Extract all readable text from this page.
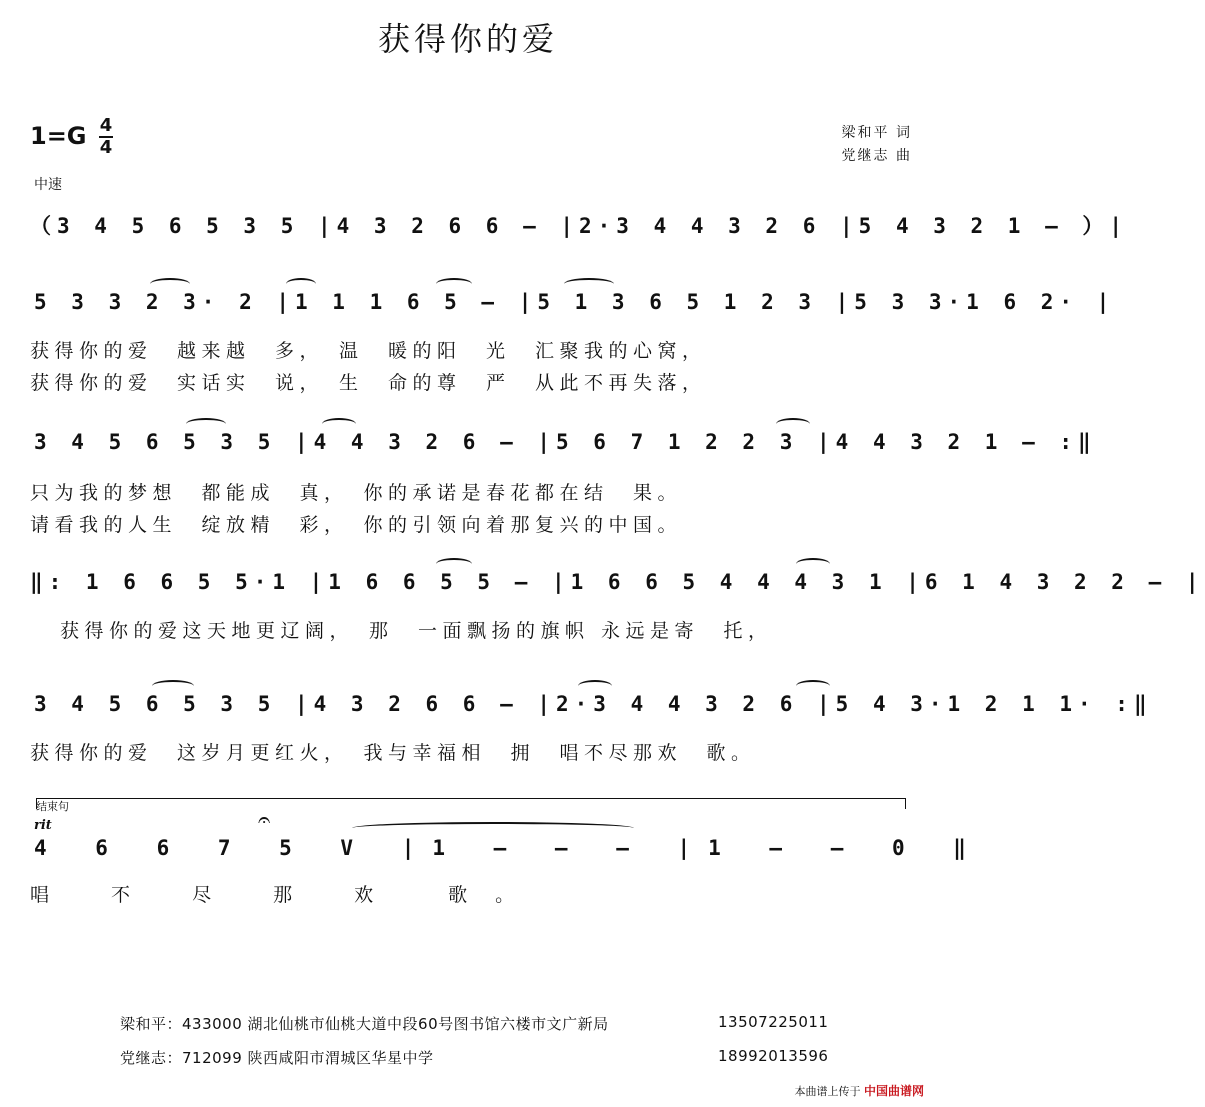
获得你的爱
1=G 4
4
梁和平 词
党继志 曲
中速
（3 4 5 6 5 3 5 |4 3 2 6 6 – |2·3 4 4 3 2 6 |5 4 3 2 1 – ）|
5 3 3 2 3· 2 |1 1 1 6 5 – |5 1 3 6 5 1 2 3 |5 3 3·1 6 2· |
获得你的爱　越来越　多，　温　暖的阳　光　汇聚我的心窝，
获得你的爱　实话实　说，　生　命的尊　严　从此不再失落，
3 4 5 6 5 3 5 |4 4 3 2 6 – |5 6 7 1 2 2 3 |4 4 3 2 1 – :‖
只为我的梦想　都能成　真，　你的承诺是春花都在结　果。
请看我的人生　绽放精　彩，　你的引领向着那复兴的中国。
‖: 1 6 6 5 5·1 |1 6 6 5 5 – |1 6 6 5 4 4 4 3 1 |6 1 4 3 2 2 – |
获得你的爱这天地更辽阔，　那　一面飘扬的旗帜 永远是寄　托，
3 4 5 6 5 3 5 |4 3 2 6 6 – |2·3 4 4 3 2 6 |5 4 3·1 2 1 1· :‖
获得你的爱　这岁月更红火，　我与幸福相　拥　唱不尽那欢　歌。
结束句
rit	𝄐
4 6 6 7 5 V |1 – – – |1 – – 0 ‖
唱 不 尽 那 欢　歌。
梁和平：433000 湖北仙桃市仙桃大道中段60号图书馆六楼市文广新局	13507225011
党继志：712099 陕西咸阳市渭城区华星中学	18992013596
本曲谱上传于 中国曲谱网
